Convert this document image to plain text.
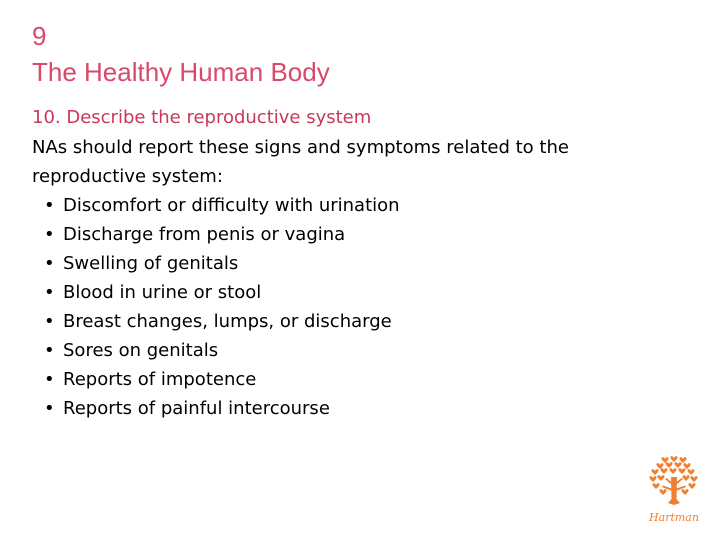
9
The Healthy Human Body
10. Describe the reproductive system

NAs should report these signs and symptoms related to the
reproductive system:

• Discomfort or difficulty with urination
• Discharge from penis or vagina
• Swelling of genitals
• Blood in urine or stool
• Breast changes, lumps, or discharge
• Sores on genitals
• Reports of impotence
• Reports of painful intercourse
Hartman
